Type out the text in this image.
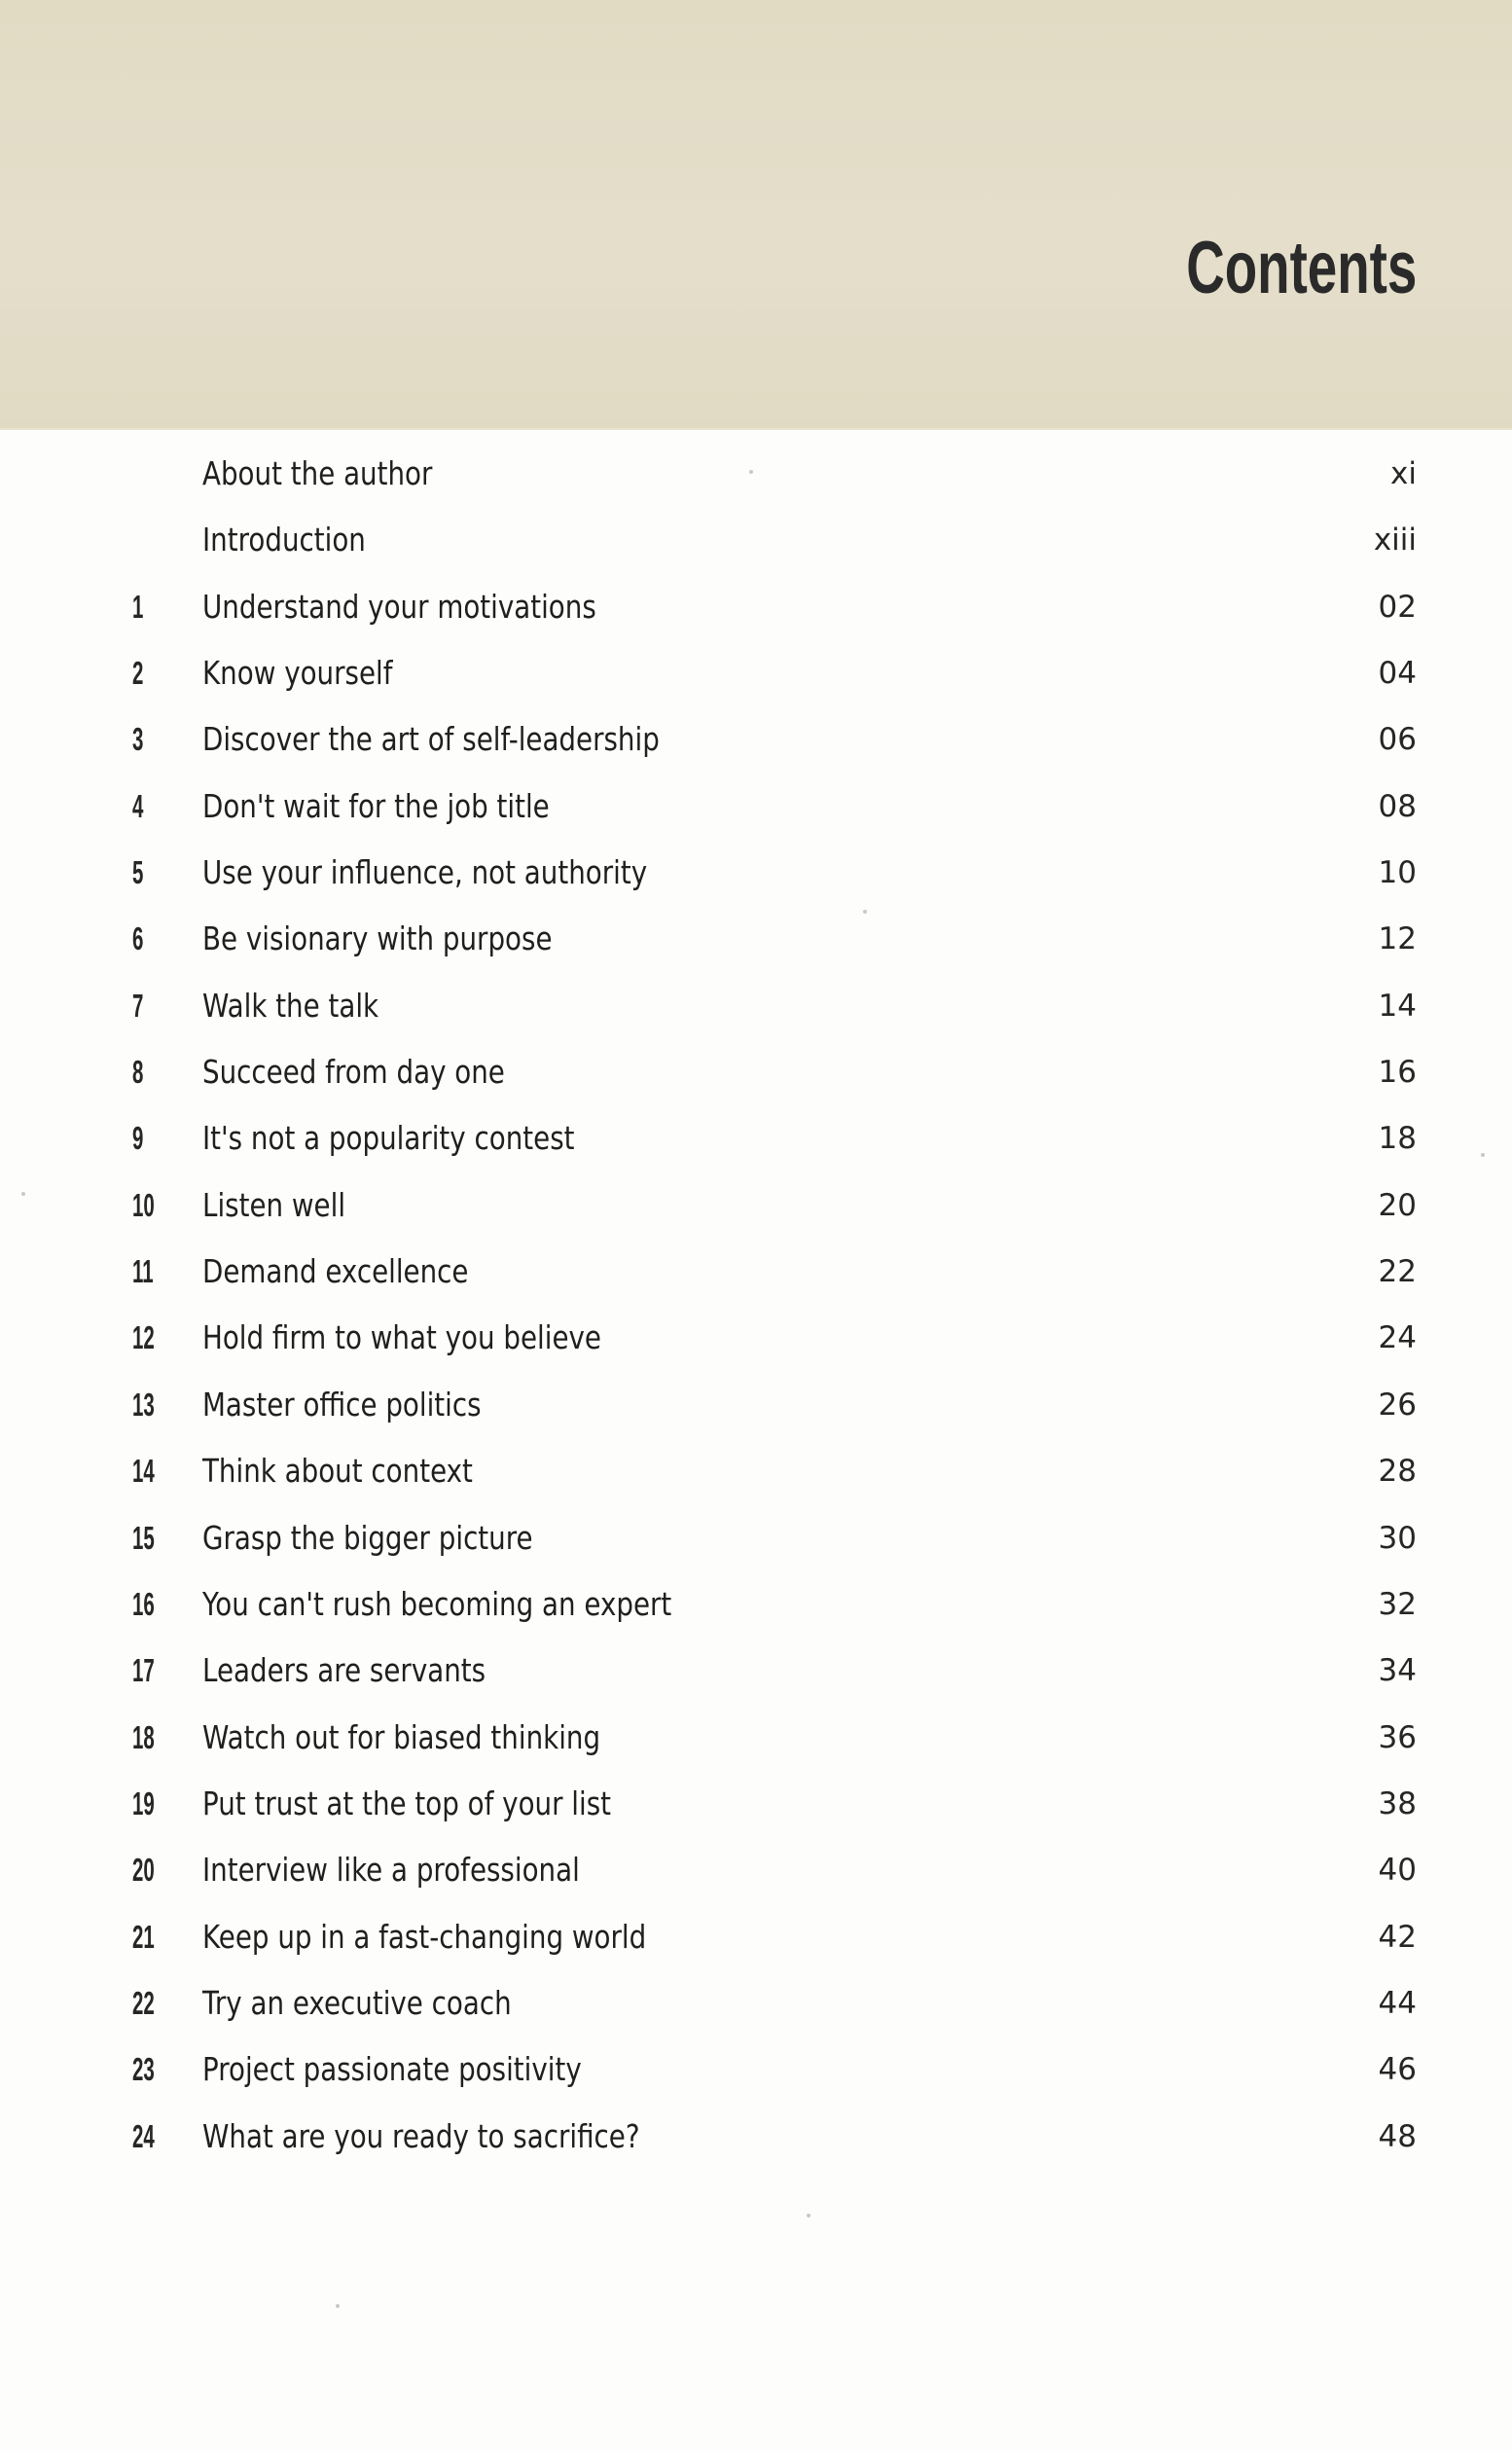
Contents
About the author	xi
Introduction	xiii
1 Understand your motivations	02
2 Know yourself	04
3 Discover the art of self-leadership	06
4 Don't wait for the job title	08
5 Use your influence, not authority	10
6 Be visionary with purpose	12
7 Walk the talk	14
8 Succeed from day one	16
9 It's not a popularity contest	18
10 Listen well	20
11 Demand excellence	22
12 Hold firm to what you believe	24
13 Master office politics	26
14 Think about context	28
15 Grasp the bigger picture	30
16 You can't rush becoming an expert	32
17 Leaders are servants	34
18 Watch out for biased thinking	36
19 Put trust at the top of your list	38
20 Interview like a professional	40
21 Keep up in a fast-changing world	42
22 Try an executive coach	44
23 Project passionate positivity	46
24 What are you ready to sacrifice?	48
